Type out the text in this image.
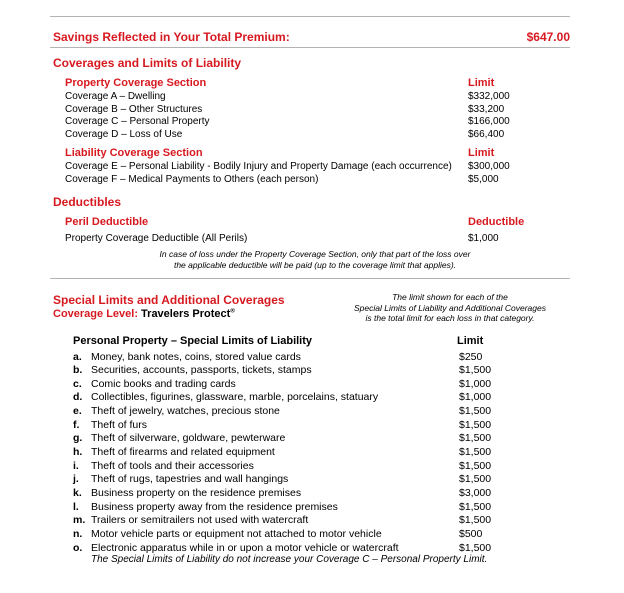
Savings Reflected in Your Total Premium:	$647.00
Coverages and Limits of Liability
Property Coverage Section	Limit
Coverage A – Dwelling	$332,000
Coverage B – Other Structures	$33,200
Coverage C – Personal Property	$166,000
Coverage D – Loss of Use	$66,400
Liability Coverage Section	Limit
Coverage E – Personal Liability - Bodily Injury and Property Damage (each occurrence) $300,000
Coverage F – Medical Payments to Others (each person)	$5,000
Deductibles
Peril Deductible	Deductible
Property Coverage Deductible (All Perils)	$1,000
In case of loss under the Property Coverage Section, only that part of the loss over
the applicable deductible will be paid (up to the coverage limit that applies).
Special Limits and Additional Coverages
Coverage Level: Travelers Protect®
The limit shown for each of the
Special Limits of Liability and Additional Coverages
is the total limit for each loss in that category.
Personal Property – Special Limits of Liability	Limit
a. Money, bank notes, coins, stored value cards	$250
b. Securities, accounts, passports, tickets, stamps	$1,500
c. Comic books and trading cards	$1,000
d. Collectibles, figurines, glassware, marble, porcelains, statuary	$1,000
e. Theft of jewelry, watches, precious stone	$1,500
f. Theft of furs	$1,500
g. Theft of silverware, goldware, pewterware	$1,500
h. Theft of firearms and related equipment	$1,500
i. Theft of tools and their accessories	$1,500
j. Theft of rugs, tapestries and wall hangings	$1,500
k. Business property on the residence premises	$3,000
l. Business property away from the residence premises	$1,500
m. Trailers or semitrailers not used with watercraft	$1,500
n. Motor vehicle parts or equipment not attached to motor vehicle	$500
o. Electronic apparatus while in or upon a motor vehicle or watercraft	$1,500
The Special Limits of Liability do not increase your Coverage C – Personal Property Limit.
